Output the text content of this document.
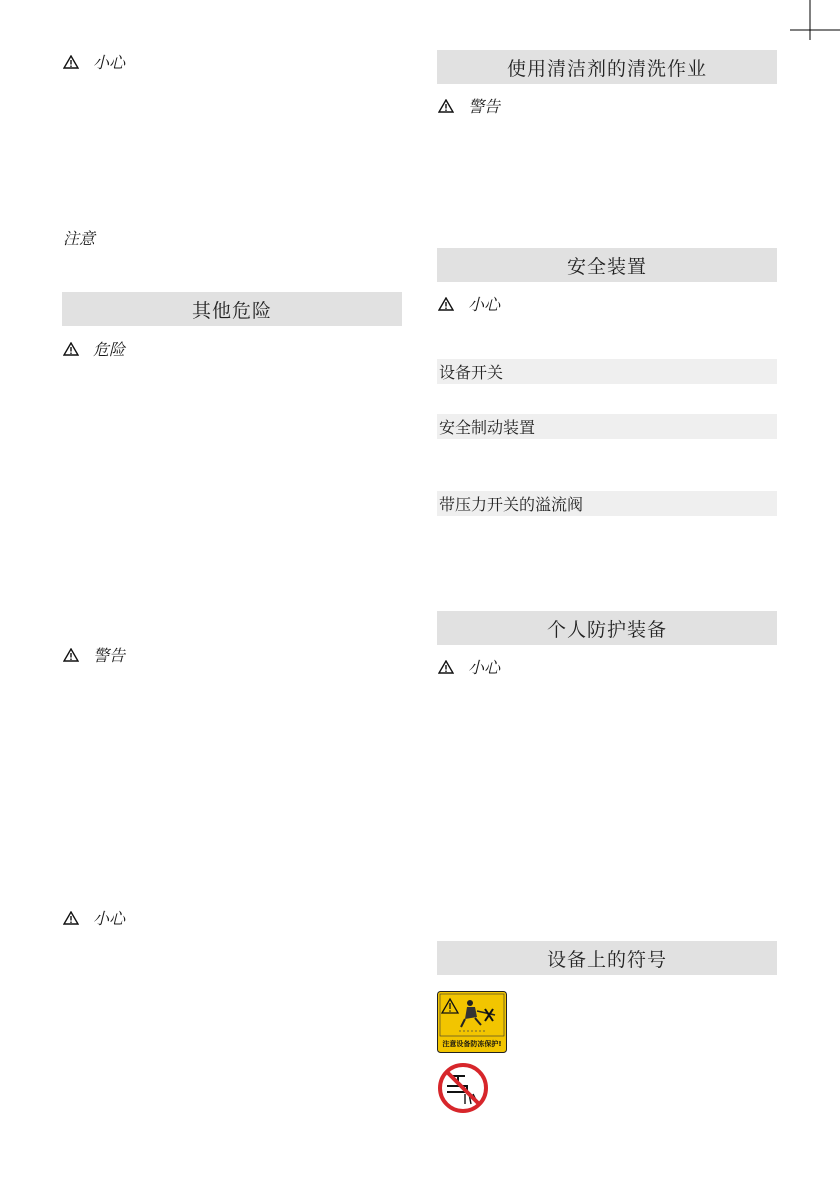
小心
注意
其他危险
危险
警告
小心
使用清洁剂的清洗作业
警告
安全装置
小心
设备开关
安全制动装置
带压力开关的溢流阀
个人防护装备
小心
设备上的符号
注意设备防冻保护!
